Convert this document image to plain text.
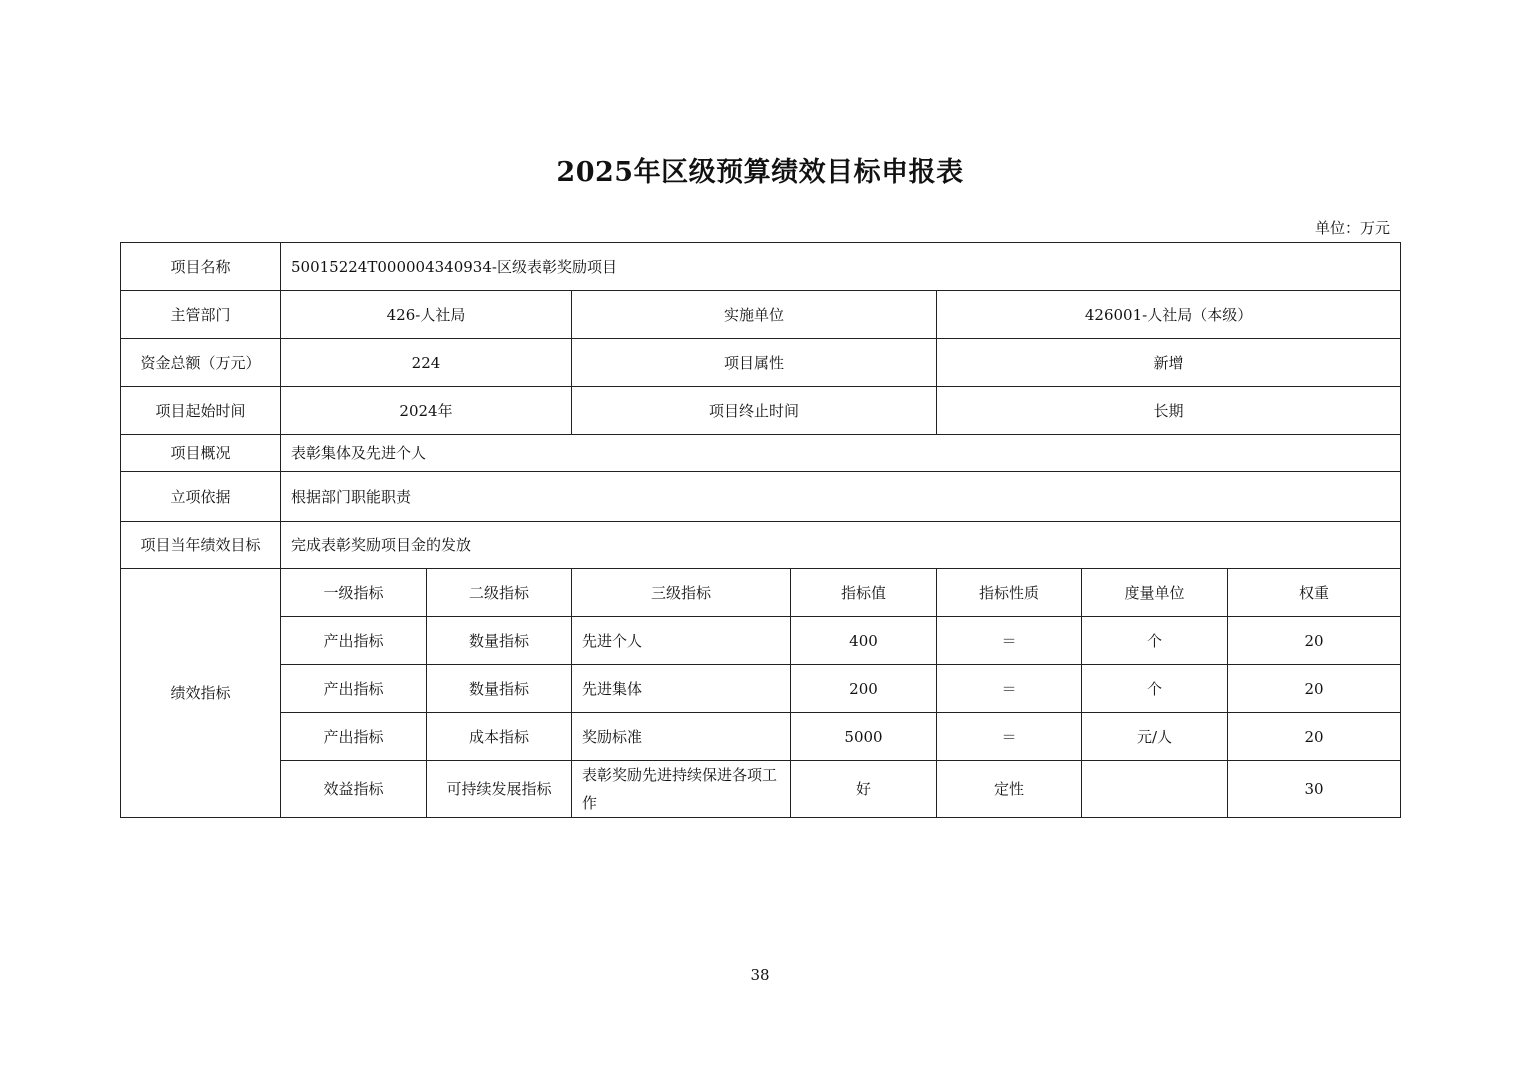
2025年区级预算绩效目标申报表
单位：万元
项目名称	50015224T000004340934-区级表彰奖励项目						
主管部门	426-人社局		实施单位		426001-人社局（本级）		
资金总额（万元）	224		项目属性		新增		
项目起始时间	2024年		项目终止时间		长期		
项目概况	表彰集体及先进个人						
立项依据	根据部门职能职责						
项目当年绩效目标	完成表彰奖励项目金的发放						
绩效指标	一级指标	二级指标	三级指标	指标值	指标性质	度量单位	权重
	产出指标	数量指标	先进个人	400	＝	个	20
	产出指标	数量指标	先进集体	200	＝	个	20
	产出指标	成本指标	奖励标准	5000	＝	元/人	20
	效益指标	可持续发展指标	表彰奖励先进持续保进各项工作	好	定性		30
38
